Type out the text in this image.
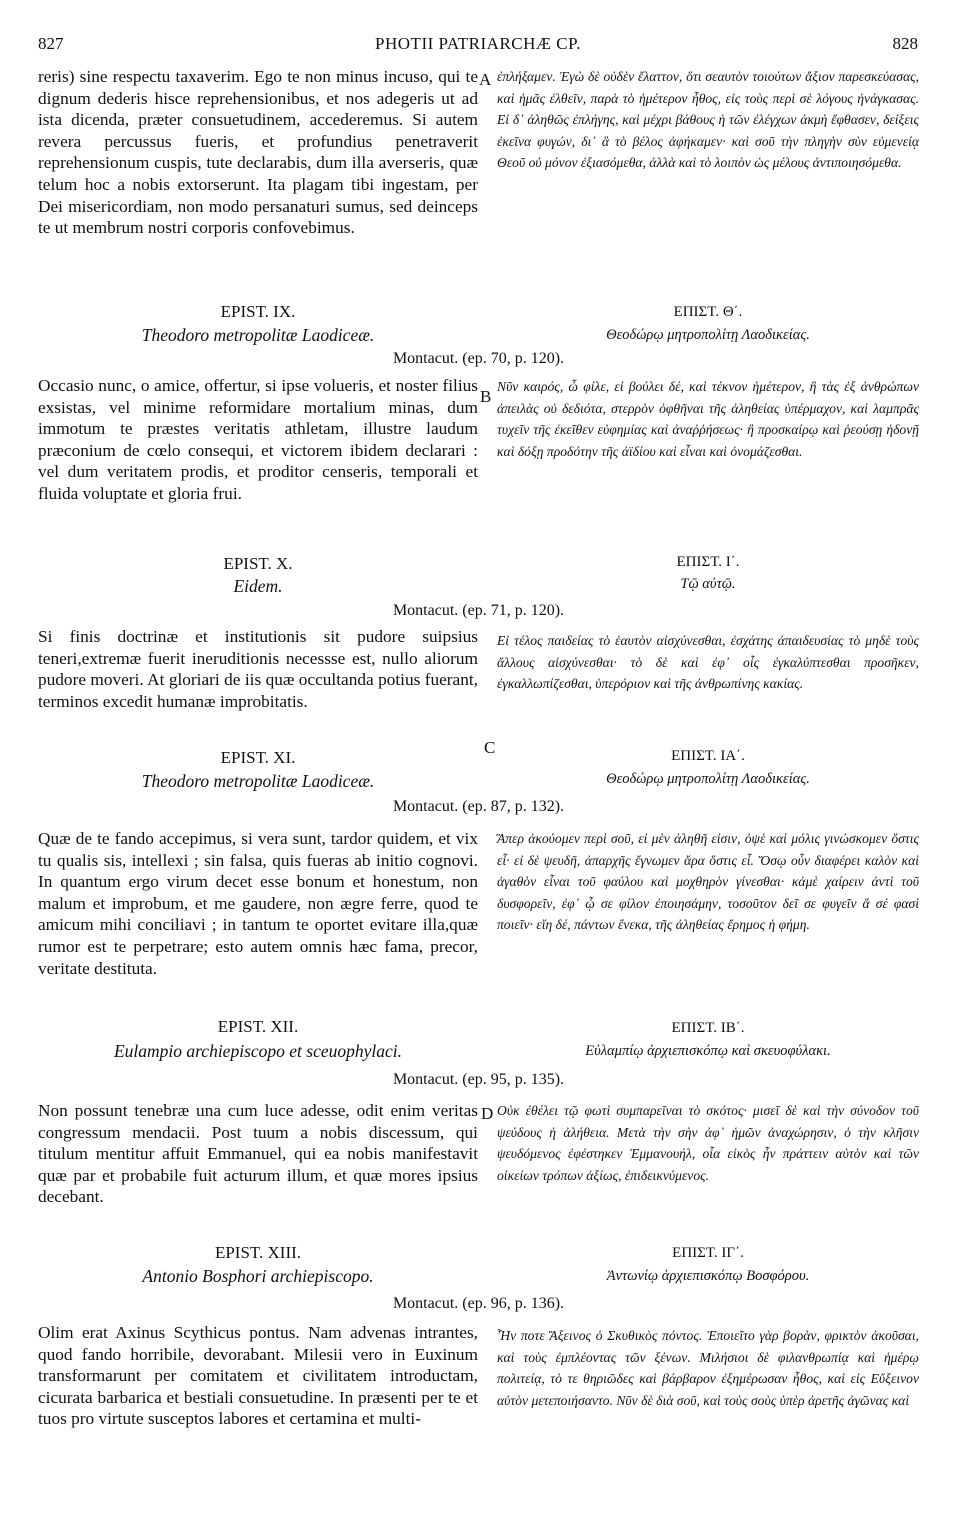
827	PHOTII PATRIARCHÆ CP.	828
A
B
C
D

reris) sine respectu taxaverim. Ego te non minus incuso, qui te dignum dederis hisce reprehensionibus, et nos adegeris ut ad ista dicenda, præter consuetudinem, accederemus. Si autem revera percussus fueris, et profundius penetraverit reprehensionum cuspis, tute declarabis, dum illa averseris, quæ telum hoc a nobis extorserunt. Ita plagam tibi ingestam, per Dei misericordiam, non modo persanaturi sumus, sed deinceps te ut membrum nostri corporis confovebimus.

ἐπλήξαμεν. Ἐγὼ δὲ οὐδὲν ἔλαττον, ὅτι σεαυτὸν τοιούτων ἄξιον παρεσκεύασας, καὶ ἡμᾶς ἐλθεῖν, παρὰ τὸ ἡμέτερον ἦθος, εἰς τοὺς περὶ σὲ λόγους ἠνάγκασας. Εἰ δ᾽ ἀληθῶς ἐπλήγης, καὶ μέχρι βάθους ἡ τῶν ἐλέγχων ἀκμὴ ἔφθασεν, δείξεις ἐκεῖνα φυγών, δι᾽ ἃ τὸ βέλος ἀφήκαμεν· καὶ σοῦ τὴν πληγὴν σὺν εὐμενείᾳ Θεοῦ οὐ μόνον ἐξιασόμεθα, ἀλλὰ καὶ τὸ λοιπὸν ὡς μέλους ἀντιποιησόμεθα.

EPIST. IX.	ΕΠΙΣΤ. Θ΄.
Theodoro metropolitæ Laodiceæ.	Θεοδώρῳ μητροπολίτῃ Λαοδικείας.
Montacut. (ep. 70, p. 120).

Occasio nunc, o amice, offertur, si ipse volueris, et noster filius exsistas, vel minime reformidare mortalium minas, dum immotum te præstes veritatis athletam, illustre laudum præconium de cœlo consequi, et victorem ibidem declarari : vel dum veritatem prodis, et proditor censeris, temporali et fluida voluptate et gloria frui.

Νῦν καιρός, ὦ φίλε, εἰ βούλει δέ, καὶ τέκνον ἡμέτερον, ἢ τὰς ἐξ ἀνθρώπων ἀπειλὰς οὐ δεδιότα, στερρὸν ὀφθῆναι τῆς ἀληθείας ὑπέρμαχον, καὶ λαμπρᾶς τυχεῖν τῆς ἐκεῖθεν εὐφημίας καὶ ἀναῤῥήσεως· ἢ προσκαίρῳ καὶ ῥεούσῃ ἡδονῇ καὶ δόξῃ προδότην τῆς ἀϊδίου καὶ εἶναι καὶ ὀνομάζεσθαι.

EPIST. X.	ΕΠΙΣΤ. Ι΄.
Eidem.	Τῷ αὐτῷ.
Montacut. (ep. 71, p. 120).

Si finis doctrinæ et institutionis sit pudore suipsius teneri,extremæ fuerit ineruditionis necessse est, nullo aliorum pudore moveri. At gloriari de iis quæ occultanda potius fuerant, terminos excedit humanæ improbitatis.

Εἰ τέλος παιδείας τὸ ἑαυτὸν αἰσχύνεσθαι, ἐσχάτης ἀπαιδευσίας τὸ μηδὲ τοὺς ἄλλους αἰσχύνεσθαι· τὸ δὲ καὶ ἐφ᾽ οἷς ἐγκαλύπτεσθαι προσῆκεν, ἐγκαλλωπίζεσθαι, ὑπερόριον καὶ τῆς ἀνθρωπίνης κακίας.

EPIST. XI.	ΕΠΙΣΤ. ΙΑ΄.
Theodoro metropolitæ Laodiceæ.	Θεοδώρῳ μητροπολίτῃ Λαοδικείας.
Montacut. (ep. 87, p. 132).

Quæ de te fando accepimus, si vera sunt, tardor quidem, et vix tu qualis sis, intellexi ; sin falsa, quis fueras ab initio cognovi. In quantum ergo virum decet esse bonum et honestum, non malum et improbum, et me gaudere, non ægre ferre, quod te amicum mihi conciliavi ; in tantum te oportet evitare illa,quæ rumor est te perpetrare; esto autem omnis hæc fama, precor, veritate destituta.

Ἅπερ ἀκούομεν περὶ σοῦ, εἰ μὲν ἀληθῆ εἰσιν, ὀψὲ καὶ μόλις γινώσκομεν ὅστις εἶ· εἰ δὲ ψευδῆ, ἀπαρχῆς ἔγνωμεν ἄρα ὅστις εἶ. Ὅσῳ οὖν διαφέρει καλὸν καὶ ἀγαθὸν εἶναι τοῦ φαύλου καὶ μοχθηρὸν γίνεσθαι· κἀμὲ χαίρειν ἀντὶ τοῦ δυσφορεῖν, ἐφ᾽ ᾧ σε φίλον ἐποιησάμην, τοσοῦτον δεῖ σε φυγεῖν ἅ σέ φασὶ ποιεῖν· εἴη δέ, πάντων ἕνεκα, τῆς ἀληθείας ἔρημος ἡ φήμη.

EPIST. XII.	ΕΠΙΣΤ. ΙΒ΄.
Eulampio archiepiscopo et sceuophylaci.	Εὐλαμπίῳ ἀρχιεπισκόπῳ καὶ σκευοφύλακι.
Montacut. (ep. 95, p. 135).

Non possunt tenebræ una cum luce adesse, odit enim veritas congressum mendacii. Post tuum a nobis discessum, qui titulum mentitur affuit Emmanuel, qui ea nobis manifestavit quæ par et probabile fuit acturum illum, et quæ mores ipsius decebant.

Οὐκ ἐθέλει τῷ φωτὶ συμπαρεῖναι τὸ σκότος· μισεῖ δὲ καὶ τὴν σύνοδον τοῦ ψεύδους ἡ ἀλήθεια. Μετὰ τὴν σὴν ἀφ᾽ ἡμῶν ἀναχώρησιν, ὁ τὴν κλῆσιν ψευδόμενος ἐφέστηκεν Ἐμμανουήλ, οἷα εἰκὸς ἦν πράττειν αὐτὸν καὶ τῶν οἰκείων τρόπων ἀξίως, ἐπιδεικνύμενος.

EPIST. XIII.	ΕΠΙΣΤ. ΙΓ΄.
Antonio Bosphori archiepiscopo.	Ἀντωνίῳ ἀρχιεπισκόπῳ Βοσφόρου.
Montacut. (ep. 96, p. 136).

Olim erat Axinus Scythicus pontus. Nam advenas intrantes, quod fando horribile, devorabant. Milesii vero in Euxinum transformarunt per comitatem et civilitatem introductam, cicurata barbarica et bestiali consuetudine. In præsenti per te et tuos pro virtute susceptos labores et certamina et multi-

Ἦν ποτε Ἄξεινος ὁ Σκυθικὸς πόντος. Ἐποιεῖτο γὰρ βορὰν, φρικτὸν ἀκοῦσαι, καὶ τοὺς ἐμπλέοντας τῶν ξένων. Μιλήσιοι δὲ φιλανθρωπίᾳ καὶ ἡμέρῳ πολιτείᾳ, τὸ τε θηριῶδες καὶ βάρβαρον ἐξημέρωσαν ἦθος, καὶ εἰς Εὔξεινον αὐτὸν μετεποιήσαντο. Νῦν δὲ διὰ σοῦ, καὶ τοὺς σοὺς ὑπὲρ ἀρετῆς ἀγῶνας καὶ
